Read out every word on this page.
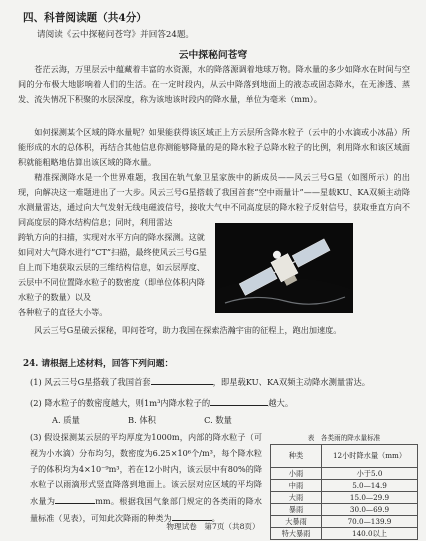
四、科普阅读题（共4分）
请阅读《云中探秘问苍穹》并回答24题。
云中探秘问苍穹
苍茫云海，万里层云中蕴藏着丰富的水资源，水的降落源调着地球万物。降水量的多少如降水在时间与空间的分布极大地影响着人们的生活。在一定时段内，从云中降落到地面上的液态或固态降水，在无渗透、蒸发、流失情况下积聚的水层深度，称为该地该时段内的降水量，单位为毫米（mm）。
如何探测某个区域的降水量呢？如果能获得该区域正上方云层所含降水粒子（云中的小水滴或小冰晶）所能形成的水的总体积，再结合其他信息你测能够降量的是的降水粒子总降水粒子的比例，利用降水和该区域面积就能粗略地估算出该区域的降水量。
精准探测降水是一个世界难题，我国在轨气象卫星家族中的新成员——风云三号G星（如图所示）的出现，向解决这一难题进出了一大步。风云三号G星搭载了我国首套“空中雨量计”——星载KU、KA双频主动降水测量雷达，通过向大气发射无线电磁波信号，接收大气中不同高度层的降水粒子反射信号，获取垂直方向不同高度层的降水结构信息；同时，利用雷达
跨轨方向的扫描，实现对水平方向的降水探测。这就如同对大气降水进行“CT”扫描，最终使风云三号G星自上而下地获取云层的三维结构信息，如云层厚度、云层中不同位置降水粒子的数密度（即单位体积内降水粒子的数量）以及
各种粒子的直径大小等。
风云三号G星破云探秘，叩问苍穹，助力我国在探索浩瀚宇宙的征程上，跑出加速度。
24. 请根据上述材料，回答下列问题：
(1) 风云三号G星搭载了我国首套	，即星载KU、KA双频主动降水测量雷达。
(2) 降水粒子的数密度越大，则1m³内降水粒子的	越大。
A. 质量	B. 体积	C. 数量
(3) 假设探测某云层的平均厚度为1000m，内部的降水粒子（可视为小水滴）分布均匀，数密度为6.25×10⁶个/m³，每个降水粒子的体积均为4×10⁻⁹m³，若在12小时内，该云层中有80%的降水粒子以雨滴形式竖直降落到地面上。该云层对应区域的平均降水量为	mm。根据我国气象部门规定的各类雨的降水量标准（见表），可知此次降雨的种类为	。
表　各类雨的降水量标准
种类	12小时降水量（mm）
小雨	小于5.0
中雨	5.0—14.9
大雨	15.0—29.9
暴雨	30.0—69.9
大暴雨	70.0—139.9
特大暴雨	140.0以上
物理试卷　第7页（共8页）
